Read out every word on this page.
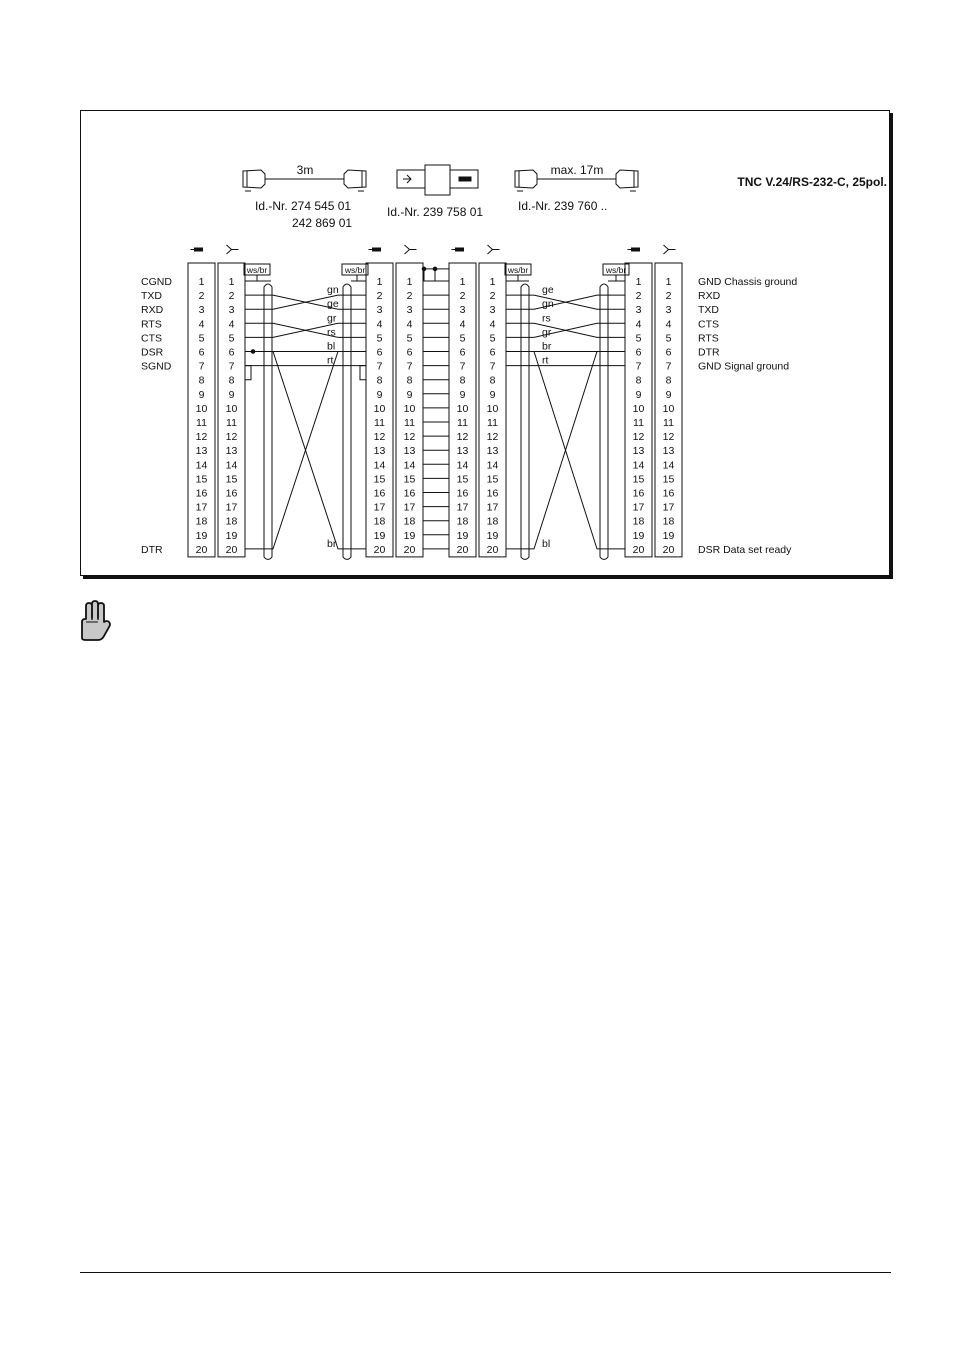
TNC V.24/RS-232-C, 25pol.
3m
Id.-Nr. 274 545 01
242 869 01
Id.-Nr. 239 758 01
max. 17m
Id.-Nr. 239 760 ..
1
2
3
4
5
6
7
8
9
10
11
12
13
14
15
16
17
18
19
20
1
2
3
4
5
6
7
8
9
10
11
12
13
14
15
16
17
18
19
20
1
2
3
4
5
6
7
8
9
10
11
12
13
14
15
16
17
18
19
20
1
2
3
4
5
6
7
8
9
10
11
12
13
14
15
16
17
18
19
20
1
2
3
4
5
6
7
8
9
10
11
12
13
14
15
16
17
18
19
20
1
2
3
4
5
6
7
8
9
10
11
12
13
14
15
16
17
18
19
20
1
2
3
4
5
6
7
8
9
10
11
12
13
14
15
16
17
18
19
20
1
2
3
4
5
6
7
8
9
10
11
12
13
14
15
16
17
18
19
20
CGND
TXD
RXD
RTS
CTS
DSR
SGND
DTR
GND Chassis ground
RXD
TXD
CTS
RTS
DTR
GND Signal ground
DSR Data set ready
ws/br	ws/br
gn
ge
gr
rs
bl
rt
br
ws/br	ws/br
ge
gn
rs
gr
br
rt
bl
